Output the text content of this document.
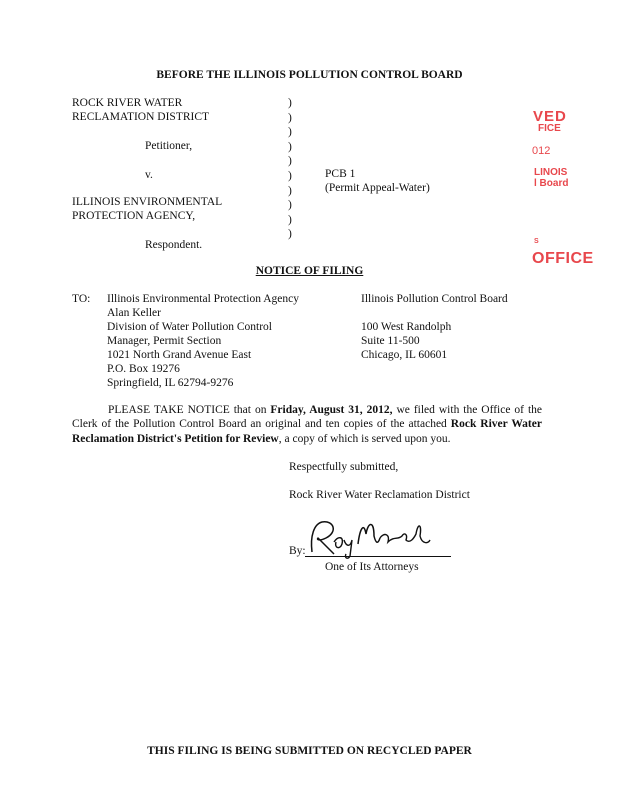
BEFORE THE ILLINOIS POLLUTION CONTROL BOARD
ROCK RIVER WATER
RECLAMATION DISTRICT
Petitioner,
v.
ILLINOIS ENVIRONMENTAL
PROTECTION AGENCY,
Respondent.
)
)
)
)
)
)
)
)
)
)
PCB 1
(Permit Appeal-Water)
NOTICE OF FILING
TO: Illinois Environmental Protection Agency
Alan Keller
Division of Water Pollution Control
Manager, Permit Section
1021 North Grand Avenue East
P.O. Box 19276
Springfield, IL 62794-9276
Illinois Pollution Control Board
100 West Randolph
Suite 11-500
Chicago, IL 60601
PLEASE TAKE NOTICE that on Friday, August 31, 2012, we filed with the Office of the Clerk of the Pollution Control Board an original and ten copies of the attached Rock River Water Reclamation District's Petition for Review, a copy of which is served upon you.
Respectfully submitted,
Rock River Water Reclamation District
By:
One of Its Attorneys
VED
FICE
012
LINOIS
l Board
S
OFFICE
THIS FILING IS BEING SUBMITTED ON RECYCLED PAPER
